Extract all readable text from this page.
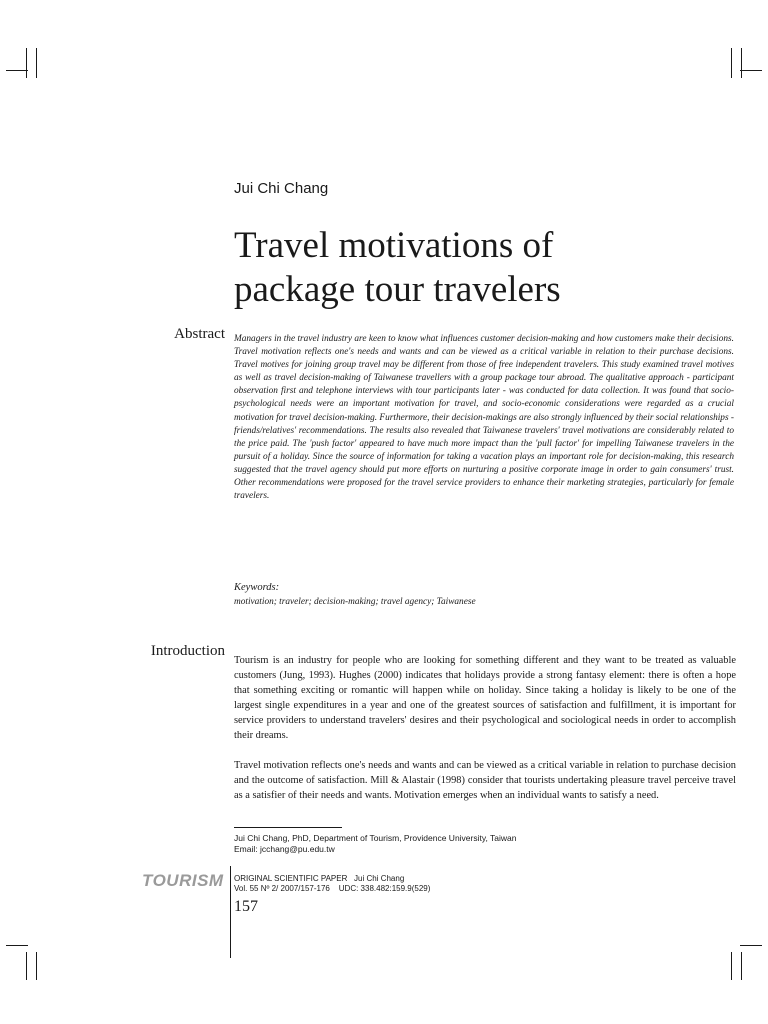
Jui Chi Chang
Travel motivations of
package tour travelers
Abstract Managers in the travel industry are keen to know what influences customer decision-making and how customers make their decisions. Travel motivation reflects one's needs and wants and can be viewed as a critical variable in relation to their purchase decisions. Travel motives for joining group travel may be different from those of free independent travelers. This study examined travel motives as well as travel decision-making of Taiwanese travellers with a group package tour abroad. The qualitative approach - participant observation first and telephone interviews with tour participants later - was conducted for data collection. It was found that socio-psychological needs were an important motivation for travel, and socio-economic considerations were regarded as a crucial motivation for travel decision-making. Furthermore, their decision-makings are also strongly influenced by their social relationships - friends/relatives' recommendations. The results also revealed that Taiwanese travelers' travel motivations are considerably related to the price paid. The 'push factor' appeared to have much more impact than the 'pull factor' for impelling Taiwanese travelers in the pursuit of a holiday. Since the source of information for taking a vacation plays an important role for decision-making, this research suggested that the travel agency should put more efforts on nurturing a positive corporate image in order to gain consumers' trust. Other recommendations were proposed for the travel service providers to enhance their marketing strategies, particularly for female travelers.
Keywords:
motivation; traveler; decision-making; travel agency; Taiwanese
Introduction
Tourism is an industry for people who are looking for something different and they want to be treated as valuable customers (Jung, 1993). Hughes (2000) indicates that holidays provide a strong fantasy element: there is often a hope that something exciting or romantic will happen while on holiday. Since taking a holiday is likely to be one of the largest single expenditures in a year and one of the greatest sources of satisfaction and fulfillment, it is important for service providers to understand travelers' desires and their psychological and sociological needs in order to accomplish their dreams.
Travel motivation reflects one's needs and wants and can be viewed as a critical variable in relation to purchase decision and the outcome of satisfaction. Mill & Alastair (1998) consider that tourists undertaking pleasure travel perceive travel as a satisfier of their needs and wants. Motivation emerges when an individual wants to satisfy a need.
Jui Chi Chang, PhD, Department of Tourism, Providence University, Taiwan
Email: jcchang@pu.edu.tw
TOURISM ORIGINAL SCIENTIFIC PAPER Jui Chi Chang
Vol. 55 Nº 2/ 2007/157-176 UDC: 338.482:159.9(529)
157
